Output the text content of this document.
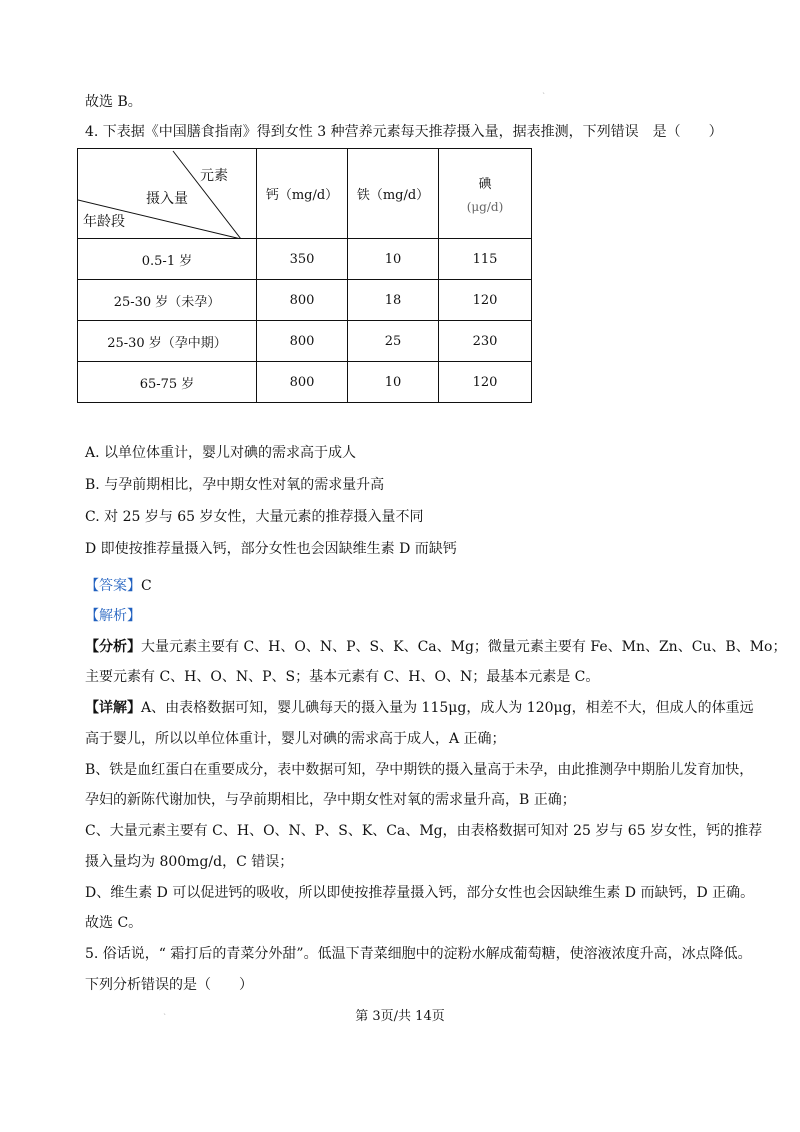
`
`
故选 B。
4. 下表据《中国膳食指南》得到女性 3 种营养元素每天推荐摄入量，据表推测，下列错误　是（　　）
元素
摄入量
年龄段	钙（mg/d）	铁（mg/d）	碘
(μg/d)

0.5-1 岁	350	10	115
25-30 岁（未孕）	800	18	120
25-30 岁（孕中期）	800	25	230
65-75 岁	800	10	120
A. 以单位体重计，婴儿对碘的需求高于成人
B. 与孕前期相比，孕中期女性对氧的需求量升高
C. 对 25 岁与 65 岁女性，大量元素的推荐摄入量不同
D 即使按推荐量摄入钙，部分女性也会因缺维生素 D 而缺钙
【答案】C
【解析】
【分析】大量元素主要有 C、H、O、N、P、S、K、Ca、Mg；微量元素主要有 Fe、Mn、Zn、Cu、B、Mo；
主要元素有 C、H、O、N、P、S；基本元素有 C、H、O、N；最基本元素是 C。
【详解】A、由表格数据可知，婴儿碘每天的摄入量为 115μg，成人为 120μg，相差不大，但成人的体重远
高于婴儿，所以以单位体重计，婴儿对碘的需求高于成人，A 正确；
B、铁是血红蛋白在重要成分，表中数据可知，孕中期铁的摄入量高于未孕，由此推测孕中期胎儿发育加快，
孕妇的新陈代谢加快，与孕前期相比，孕中期女性对氧的需求量升高，B 正确；
C、大量元素主要有 C、H、O、N、P、S、K、Ca、Mg，由表格数据可知对 25 岁与 65 岁女性，钙的推荐
摄入量均为 800mg/d，C 错误；
D、维生素 D 可以促进钙的吸收，所以即使按推荐量摄入钙，部分女性也会因缺维生素 D 而缺钙，D 正确。
故选 C。
5. 俗话说，“ 霜打后的青菜分外甜”。低温下青菜细胞中的淀粉水解成葡萄糖，使溶液浓度升高，冰点降低。
下列分析错误的是（　　）
第 3页/共 14页
